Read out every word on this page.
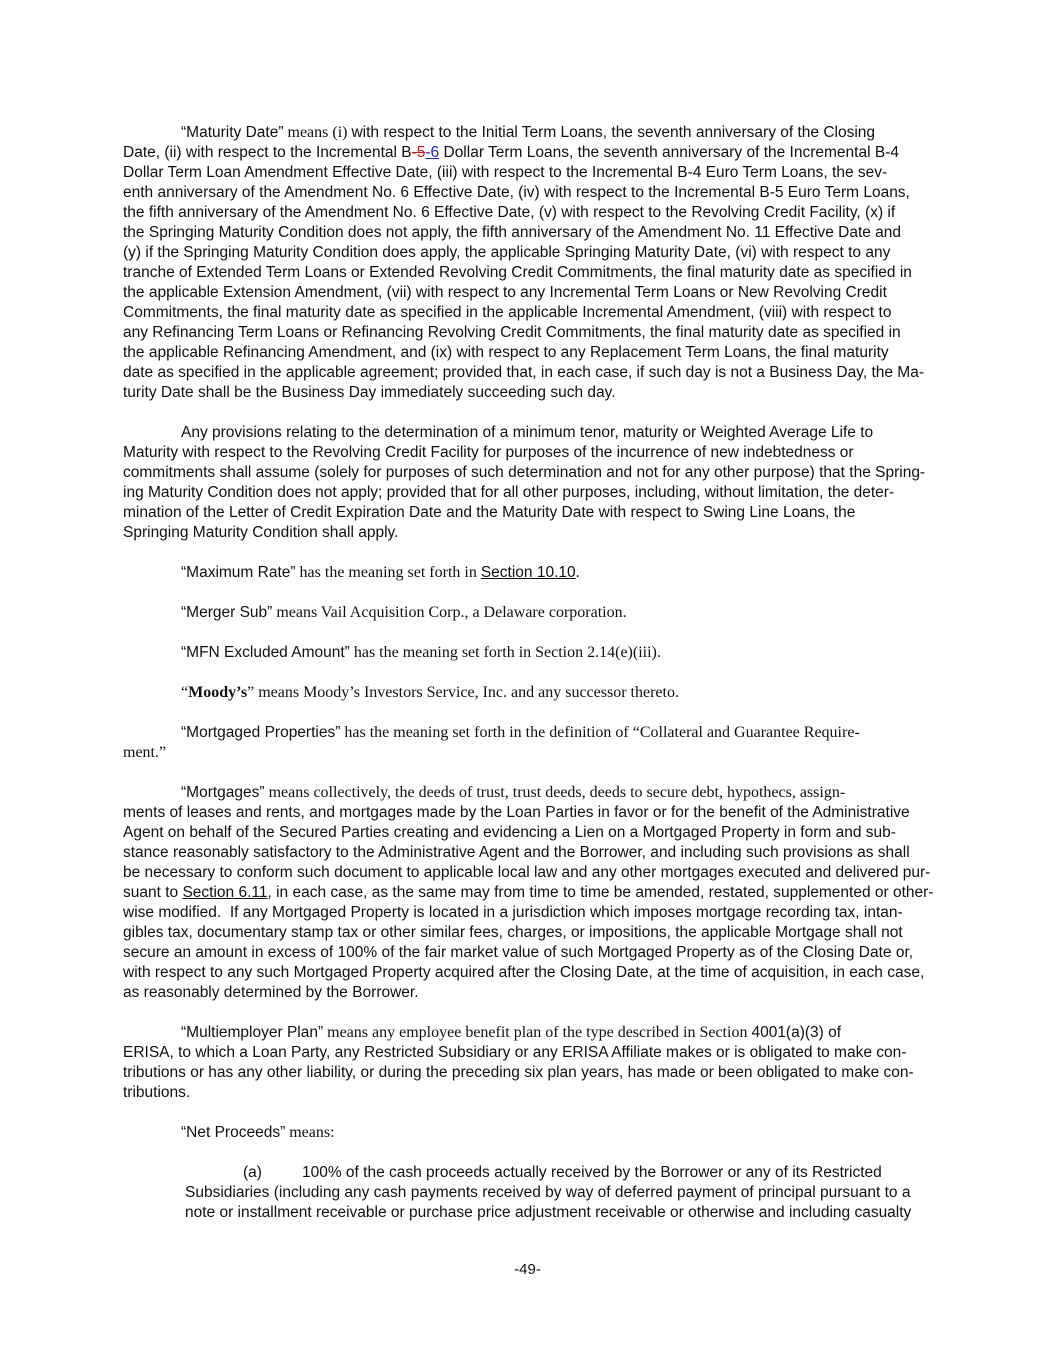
“Maturity Date” means (i) with respect to the Initial Term Loans, the seventh anniversary of the Closing
Date, (ii) with respect to the Incremental B-5-6 Dollar Term Loans, the seventh anniversary of the Incremental B-4
Dollar Term Loan Amendment Effective Date, (iii) with respect to the Incremental B-4 Euro Term Loans, the sev-
enth anniversary of the Amendment No. 6 Effective Date, (iv) with respect to the Incremental B-5 Euro Term Loans,
the fifth anniversary of the Amendment No. 6 Effective Date, (v) with respect to the Revolving Credit Facility, (x) if
the Springing Maturity Condition does not apply, the fifth anniversary of the Amendment No. 11 Effective Date and
(y) if the Springing Maturity Condition does apply, the applicable Springing Maturity Date, (vi) with respect to any
tranche of Extended Term Loans or Extended Revolving Credit Commitments, the final maturity date as specified in
the applicable Extension Amendment, (vii) with respect to any Incremental Term Loans or New Revolving Credit
Commitments, the final maturity date as specified in the applicable Incremental Amendment, (viii) with respect to
any Refinancing Term Loans or Refinancing Revolving Credit Commitments, the final maturity date as specified in
the applicable Refinancing Amendment, and (ix) with respect to any Replacement Term Loans, the final maturity
date as specified in the applicable agreement; provided that, in each case, if such day is not a Business Day, the Ma-
turity Date shall be the Business Day immediately succeeding such day.
Any provisions relating to the determination of a minimum tenor, maturity or Weighted Average Life to
Maturity with respect to the Revolving Credit Facility for purposes of the incurrence of new indebtedness or
commitments shall assume (solely for purposes of such determination and not for any other purpose) that the Spring-
ing Maturity Condition does not apply; provided that for all other purposes, including, without limitation, the deter-
mination of the Letter of Credit Expiration Date and the Maturity Date with respect to Swing Line Loans, the
Springing Maturity Condition shall apply.
“Maximum Rate” has the meaning set forth in Section 10.10.
“Merger Sub” means Vail Acquisition Corp., a Delaware corporation.
“MFN Excluded Amount” has the meaning set forth in Section 2.14(e)(iii).
“Moody’s” means Moody’s Investors Service, Inc. and any successor thereto.
“Mortgaged Properties” has the meaning set forth in the definition of “Collateral and Guarantee Require-
ment.”
“Mortgages” means collectively, the deeds of trust, trust deeds, deeds to secure debt, hypothecs, assign-
ments of leases and rents, and mortgages made by the Loan Parties in favor or for the benefit of the Administrative
Agent on behalf of the Secured Parties creating and evidencing a Lien on a Mortgaged Property in form and sub-
stance reasonably satisfactory to the Administrative Agent and the Borrower, and including such provisions as shall
be necessary to conform such document to applicable local law and any other mortgages executed and delivered pur-
suant to Section 6.11, in each case, as the same may from time to time be amended, restated, supplemented or other-
wise modified.  If any Mortgaged Property is located in a jurisdiction which imposes mortgage recording tax, intan-
gibles tax, documentary stamp tax or other similar fees, charges, or impositions, the applicable Mortgage shall not
secure an amount in excess of 100% of the fair market value of such Mortgaged Property as of the Closing Date or,
with respect to any such Mortgaged Property acquired after the Closing Date, at the time of acquisition, in each case,
as reasonably determined by the Borrower.
“Multiemployer Plan” means any employee benefit plan of the type described in Section 4001(a)(3) of
ERISA, to which a Loan Party, any Restricted Subsidiary or any ERISA Affiliate makes or is obligated to make con-
tributions or has any other liability, or during the preceding six plan years, has made or been obligated to make con-
tributions.
“Net Proceeds” means:
(a)	100% of the cash proceeds actually received by the Borrower or any of its Restricted
Subsidiaries (including any cash payments received by way of deferred payment of principal pursuant to a
note or installment receivable or purchase price adjustment receivable or otherwise and including casualty
-49-
